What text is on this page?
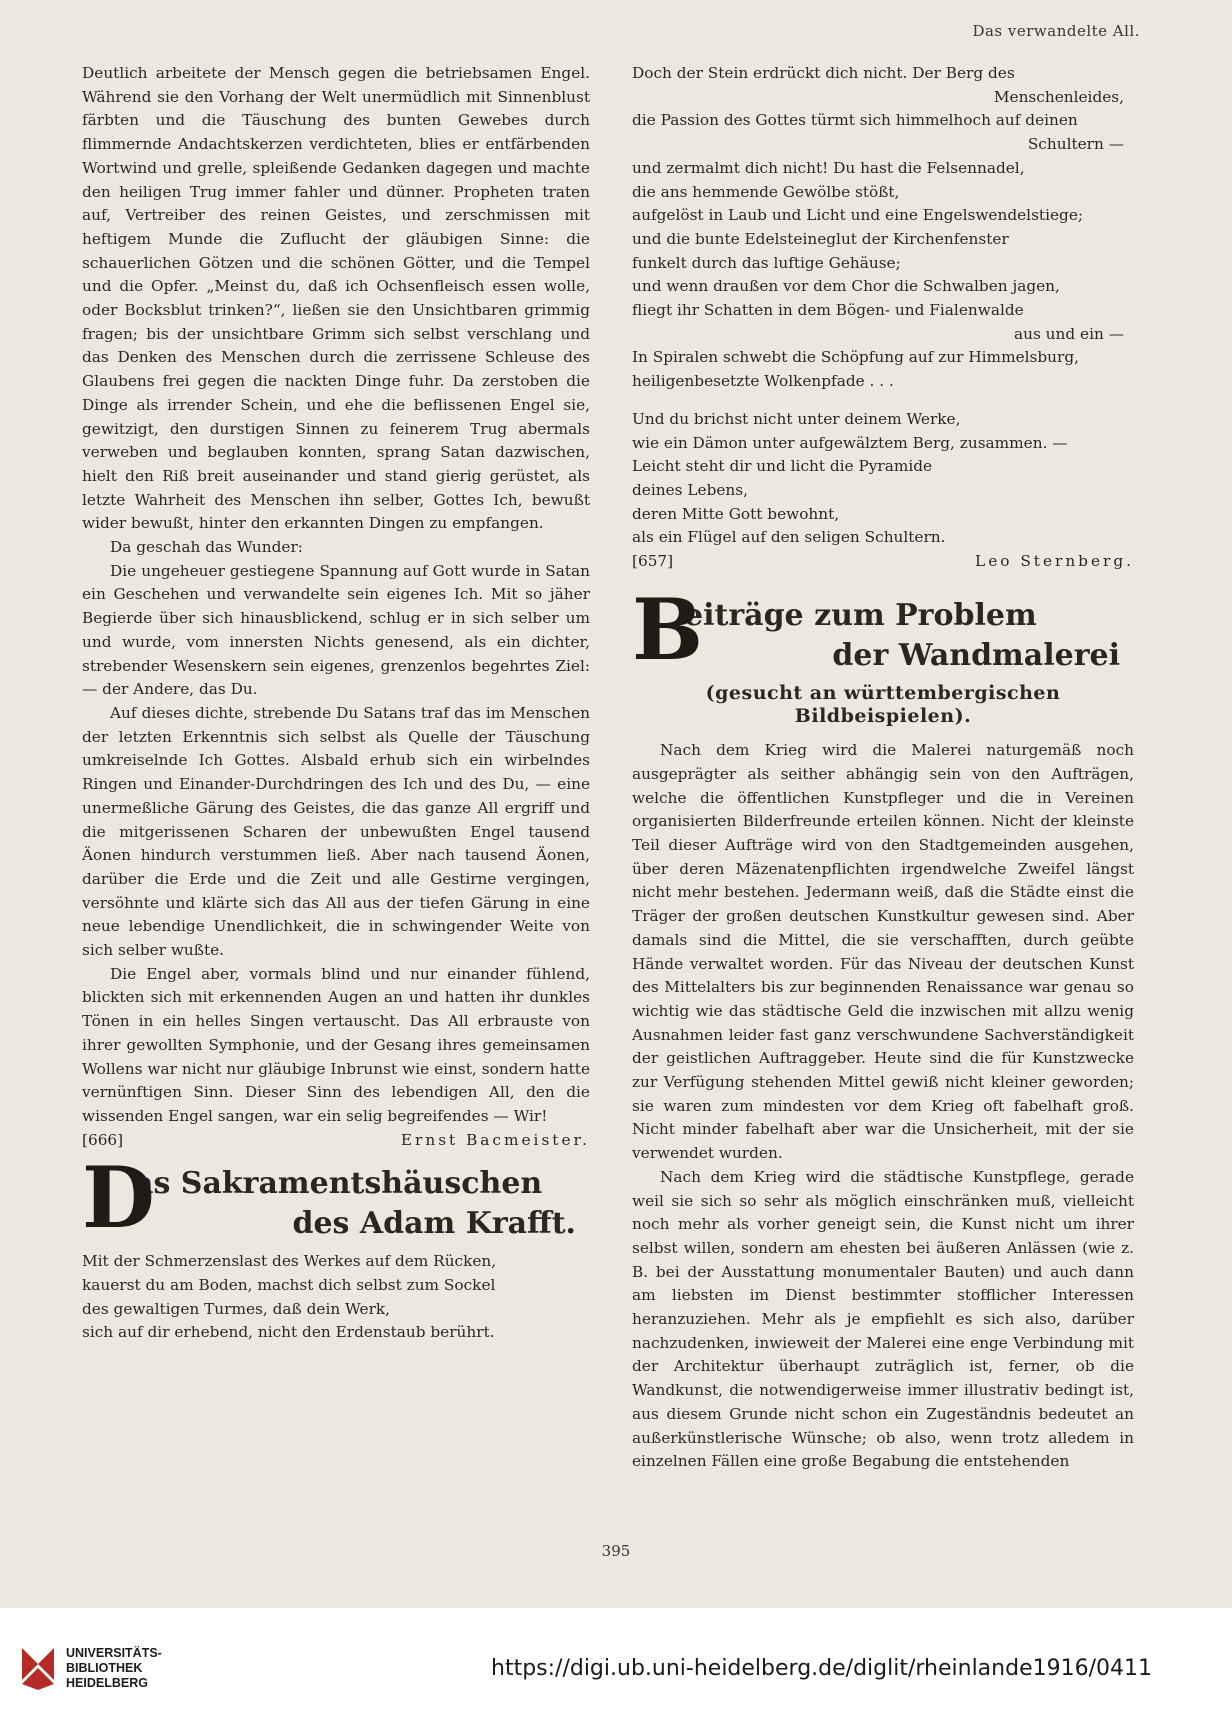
Das verwandelte All.

Deutlich arbeitete der Mensch gegen die betriebsamen Engel. Während sie den Vorhang der Welt unermüdlich mit Sinnenblust färbten und die Täuschung des bunten Gewebes durch flimmernde Andachtskerzen verdichteten, blies er entfärbenden Wortwind und grelle, spleißende Gedanken dagegen und machte den heiligen Trug immer fahler und dünner. Propheten traten auf, Vertreiber des reinen Geistes, und zerschmissen mit heftigem Munde die Zuflucht der gläubigen Sinne: die schauerlichen Götzen und die schönen Götter, und die Tempel und die Opfer. „Meinst du, daß ich Ochsenfleisch essen wolle, oder Bocksblut trinken?“, ließen sie den Unsichtbaren grimmig fragen; bis der unsichtbare Grimm sich selbst verschlang und das Denken des Menschen durch die zerrissene Schleuse des Glaubens frei gegen die nackten Dinge fuhr. Da zerstoben die Dinge als irrender Schein, und ehe die beflissenen Engel sie, gewitzigt, den durstigen Sinnen zu feinerem Trug abermals verweben und beglauben konnten, sprang Satan dazwischen, hielt den Riß breit auseinander und stand gierig gerüstet, als letzte Wahrheit des Menschen ihn selber, Gottes Ich, bewußt wider bewußt, hinter den erkannten Dingen zu empfangen.

Da geschah das Wunder:

Die ungeheuer gestiegene Spannung auf Gott wurde in Satan ein Geschehen und verwandelte sein eigenes Ich. Mit so jäher Begierde über sich hinausblickend, schlug er in sich selber um und wurde, vom innersten Nichts genesend, als ein dichter, strebender Wesenskern sein eigenes, grenzenlos begehrtes Ziel: — der Andere, das Du.

Auf dieses dichte, strebende Du Satans traf das im Menschen der letzten Erkenntnis sich selbst als Quelle der Täuschung umkreiselnde Ich Gottes. Alsbald erhub sich ein wirbelndes Ringen und Einander-Durchdringen des Ich und des Du, — eine unermeßliche Gärung des Geistes, die das ganze All ergriff und die mitgerissenen Scharen der unbewußten Engel tausend Äonen hindurch verstummen ließ. Aber nach tausend Äonen, darüber die Erde und die Zeit und alle Gestirne vergingen, versöhnte und klärte sich das All aus der tiefen Gärung in eine neue lebendige Unendlichkeit, die in schwingender Weite von sich selber wußte.

Die Engel aber, vormals blind und nur einander fühlend, blickten sich mit erkennenden Augen an und hatten ihr dunkles Tönen in ein helles Singen vertauscht. Das All erbrauste von ihrer gewollten Symphonie, und der Gesang ihres gemeinsamen Wollens war nicht nur gläubige Inbrunst wie einst, sondern hatte vernünftigen Sinn. Dieser Sinn des lebendigen All, den die wissenden Engel sangen, war ein selig begreifendes — Wir!

[666]	Ernst Bacmeister.
D
as Sakramentshäuschen
des Adam Krafft.

Mit der Schmerzenslast des Werkes auf dem Rücken,

kauerst du am Boden, machst dich selbst zum Sockel

des gewaltigen Turmes, daß dein Werk,

sich auf dir erhebend, nicht den Erdenstaub berührt.

Doch der Stein erdrückt dich nicht. Der Berg des

Menschenleides,

die Passion des Gottes türmt sich himmelhoch auf deinen

Schultern —

und zermalmt dich nicht! Du hast die Felsennadel,

die ans hemmende Gewölbe stößt,

aufgelöst in Laub und Licht und eine Engelswendelstiege;

und die bunte Edelsteineglut der Kirchenfenster

funkelt durch das luftige Gehäuse;

und wenn draußen vor dem Chor die Schwalben jagen,

fliegt ihr Schatten in dem Bögen- und Fialenwalde

aus und ein —

In Spiralen schwebt die Schöpfung auf zur Himmelsburg,

heiligenbesetzte Wolkenpfade . . .

Und du brichst nicht unter deinem Werke,

wie ein Dämon unter aufgewälztem Berg, zusammen. —

Leicht steht dir und licht die Pyramide

deines Lebens,

deren Mitte Gott bewohnt,

als ein Flügel auf den seligen Schultern.

[657]	Leo Sternberg.
B
eiträge zum Problem
der Wandmalerei
(gesucht an württembergischen Bildbeispielen).

Nach dem Krieg wird die Malerei naturgemäß noch ausgeprägter als seither abhängig sein von den Aufträgen, welche die öffentlichen Kunstpfleger und die in Vereinen organisierten Bilderfreunde erteilen können. Nicht der kleinste Teil dieser Aufträge wird von den Stadtgemeinden ausgehen, über deren Mäzenatenpflichten irgendwelche Zweifel längst nicht mehr bestehen. Jedermann weiß, daß die Städte einst die Träger der großen deutschen Kunstkultur gewesen sind. Aber damals sind die Mittel, die sie verschafften, durch geübte Hände verwaltet worden. Für das Niveau der deutschen Kunst des Mittelalters bis zur beginnenden Renaissance war genau so wichtig wie das städtische Geld die inzwischen mit allzu wenig Ausnahmen leider fast ganz verschwundene Sachverständigkeit der geistlichen Auftraggeber. Heute sind die für Kunstzwecke zur Verfügung stehenden Mittel gewiß nicht kleiner geworden; sie waren zum mindesten vor dem Krieg oft fabelhaft groß. Nicht minder fabelhaft aber war die Unsicherheit, mit der sie verwendet wurden.

Nach dem Krieg wird die städtische Kunstpflege, gerade weil sie sich so sehr als möglich einschränken muß, vielleicht noch mehr als vorher geneigt sein, die Kunst nicht um ihrer selbst willen, sondern am ehesten bei äußeren Anlässen (wie z. B. bei der Ausstattung monumentaler Bauten) und auch dann am liebsten im Dienst bestimmter stofflicher Interessen heranzuziehen. Mehr als je empfiehlt es sich also, darüber nachzudenken, inwieweit der Malerei eine enge Verbindung mit der Architektur überhaupt zuträglich ist, ferner, ob die Wandkunst, die notwendigerweise immer illustrativ bedingt ist, aus diesem Grunde nicht schon ein Zugeständnis bedeutet an außerkünstlerische Wünsche; ob also, wenn trotz alledem in einzelnen Fällen eine große Begabung die entstehenden

395
UNIVERSITÄTS-
BIBLIOTHEK
HEIDELBERG
https://digi.ub.uni-heidelberg.de/diglit/rheinlande1916/0411
